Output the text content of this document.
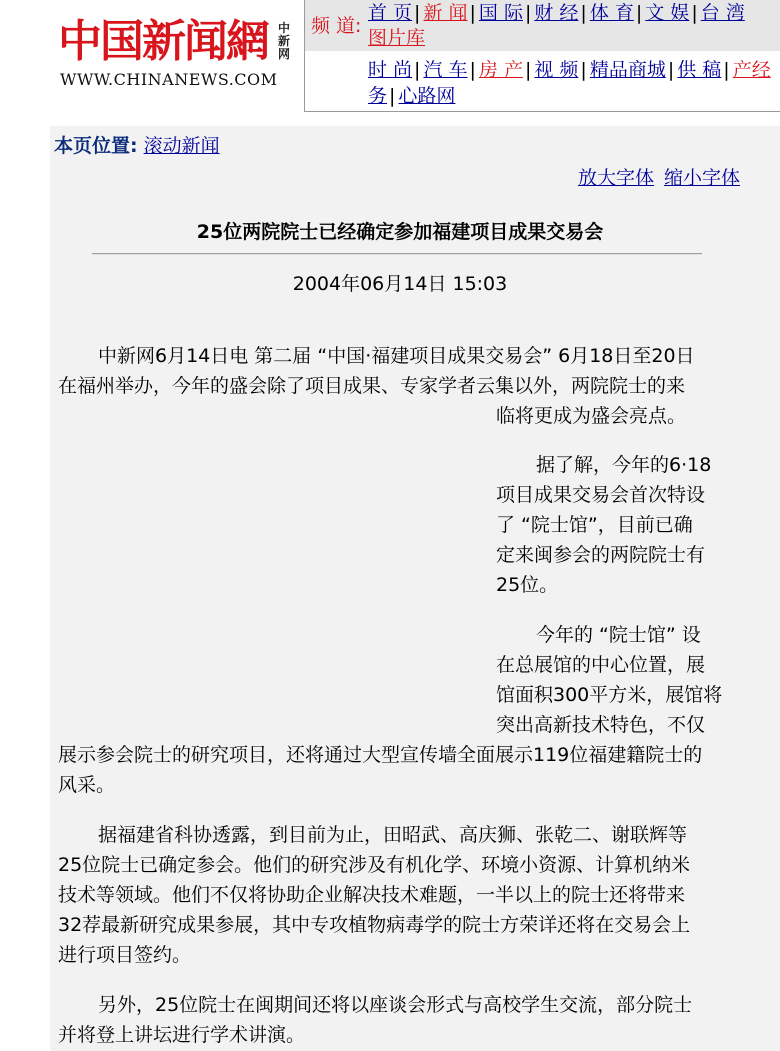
中国新闻網 中新网
WWW.CHINANEWS.COM
频 道:
首 页 | 新 闻 | 国 际 | 财 经 | 体 育 | 文 娱 | 台 湾
图片库
时 尚 | 汽 车 | 房 产 | 视 频 | 精品商城 | 供 稿 | 产经
务 | 心路网
本页位置: 滚动新闻
放大字体 缩小字体
25位两院院士已经确定参加福建项目成果交易会
2004年06月14日 15:03
中新网6月14日电 第二届 “中国·福建项目成果交易会” 6月18日至20日
在福州举办，今年的盛会除了项目成果、专家学者云集以外，两院院士的来
临将更成为盛会亮点。
据了解，今年的6·18
项目成果交易会首次特设
了 “院士馆”，目前已确
定来闽参会的两院院士有
25位。
今年的 “院士馆” 设
在总展馆的中心位置，展
馆面积300平方米，展馆将
突出高新技术特色，不仅
展示参会院士的研究项目，还将通过大型宣传墙全面展示119位福建籍院士的
风采。
据福建省科协透露，到目前为止，田昭武、高庆狮、张乾二、谢联辉等
25位院士已确定参会。他们的研究涉及有机化学、环境小资源、计算机纳米
技术等领域。他们不仅将协助企业解决技术难题，一半以上的院士还将带来
32荐最新研究成果参展，其中专攻植物病毒学的院士方荣详还将在交易会上
进行项目签约。
另外，25位院士在闽期间还将以座谈会形式与高校学生交流，部分院士
并将登上讲坛进行学术讲演。
